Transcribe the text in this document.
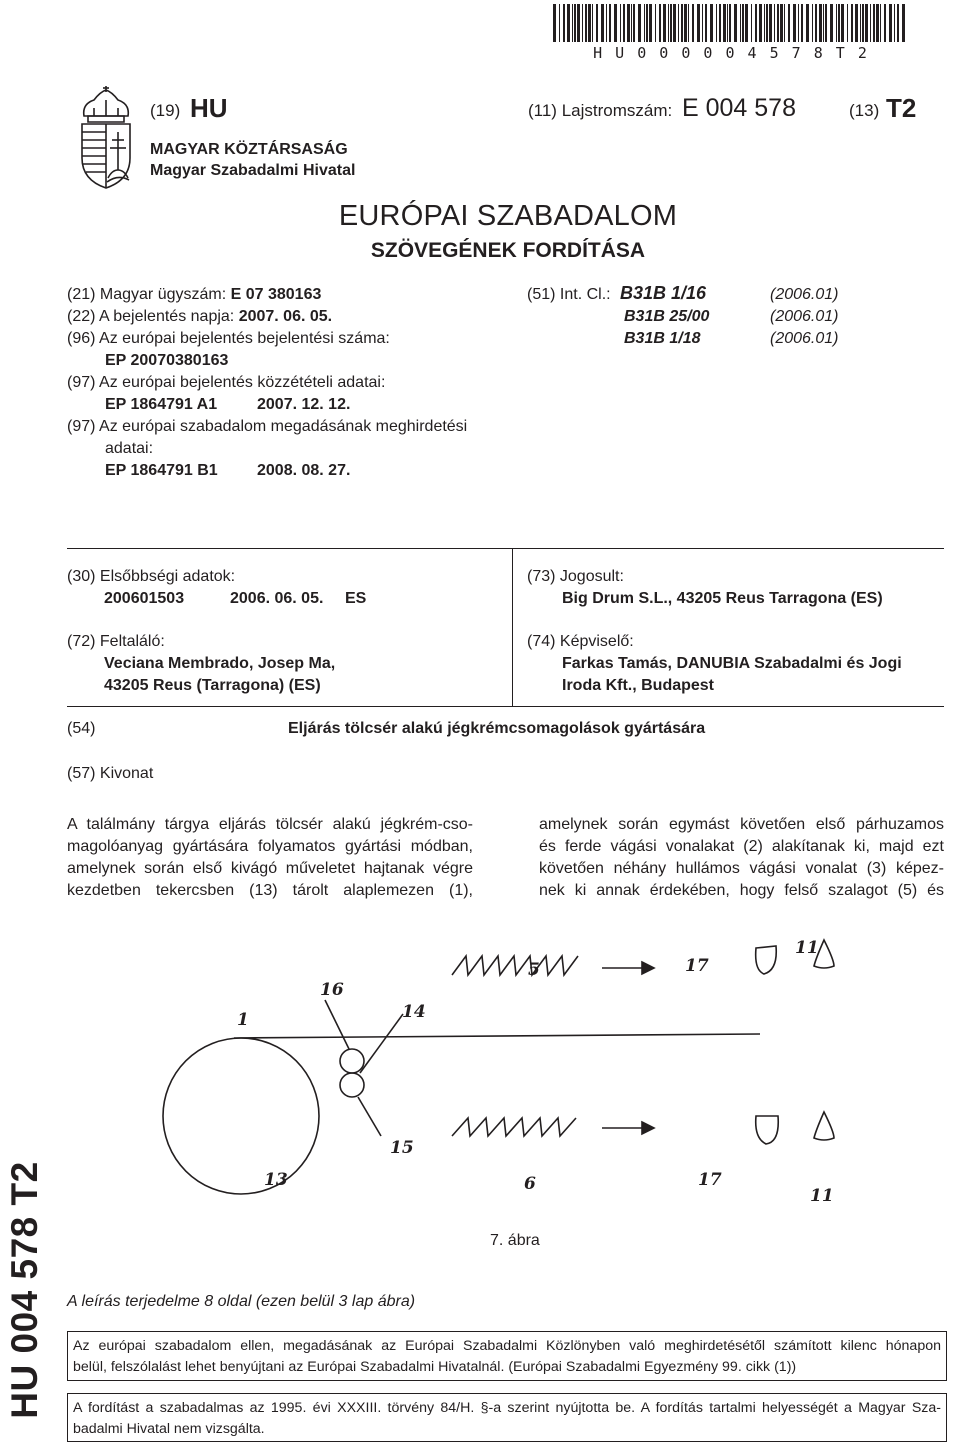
H U 0 0 0 0 0 4 5 7 8 T 2
(19) HU	(11) Lajstromszám: E 004 578	(13) T2
MAGYAR KÖZTÁRSASÁG
Magyar Szabadalmi Hivatal
EURÓPAI SZABADALOM
SZÖVEGÉNEK FORDÍTÁSA
(21) Magyar ügyszám: E 07 380163
(22) A bejelentés napja: 2007. 06. 05.
(96) Az európai bejelentés bejelentési száma:
EP 20070380163
(97) Az európai bejelentés közzétételi adatai:
EP 1864791 A1 2007. 12. 12.
(97) Az európai szabadalom megadásának meghirdetési
adatai:
EP 1864791 B1 2008. 08. 27.
(51) Int. Cl.: B31B 1/16	(2006.01)
B31B 25/00	(2006.01)
B31B 1/18	(2006.01)
(30) Elsőbbségi adatok:
200601503	2006. 06. 05. ES
(72) Feltaláló:
Veciana Membrado, Josep Ma,
43205 Reus (Tarragona) (ES)
(73) Jogosult:
Big Drum S.L., 43205 Reus Tarragona (ES)
(74) Képviselő:
Farkas Tamás, DANUBIA Szabadalmi és Jogi
Iroda Kft., Budapest
(54)	Eljárás tölcsér alakú jégkrémcsomagolások gyártására
(57) Kivonat
A találmány tárgya eljárás tölcsér alakú jégkrém-cso-
magolóanyag gyártására folyamatos gyártási módban,
amelynek során első kivágó műveletet hajtanak végre
kezdetben tekercsben (13) tárolt alaplemezen (1),
amelynek során egymást követően első párhuzamos
és ferde vágási vonalakat (2) alakítanak ki, majd ezt
követően néhány hullámos vágási vonalat (3) képez-
nek ki annak érdekében, hogy felső szalagot (5) és
1
16
14
5	17
11
13
15
6	17
11
7. ábra
A leírás terjedelme 8 oldal (ezen belül 3 lap ábra)
Az európai szabadalom ellen, megadásának az Európai Szabadalmi Közlönyben való meghirdetésétől számított kilenc hónapon
belül, felszólalást lehet benyújtani az Európai Szabadalmi Hivatalnál. (Európai Szabadalmi Egyezmény 99. cikk (1))
A fordítást a szabadalmas az 1995. évi XXXIII. törvény 84/H. §-a szerint nyújtotta be. A fordítás tartalmi helyességét a Magyar Sza-
badalmi Hivatal nem vizsgálta.
HU 004 578 T2
